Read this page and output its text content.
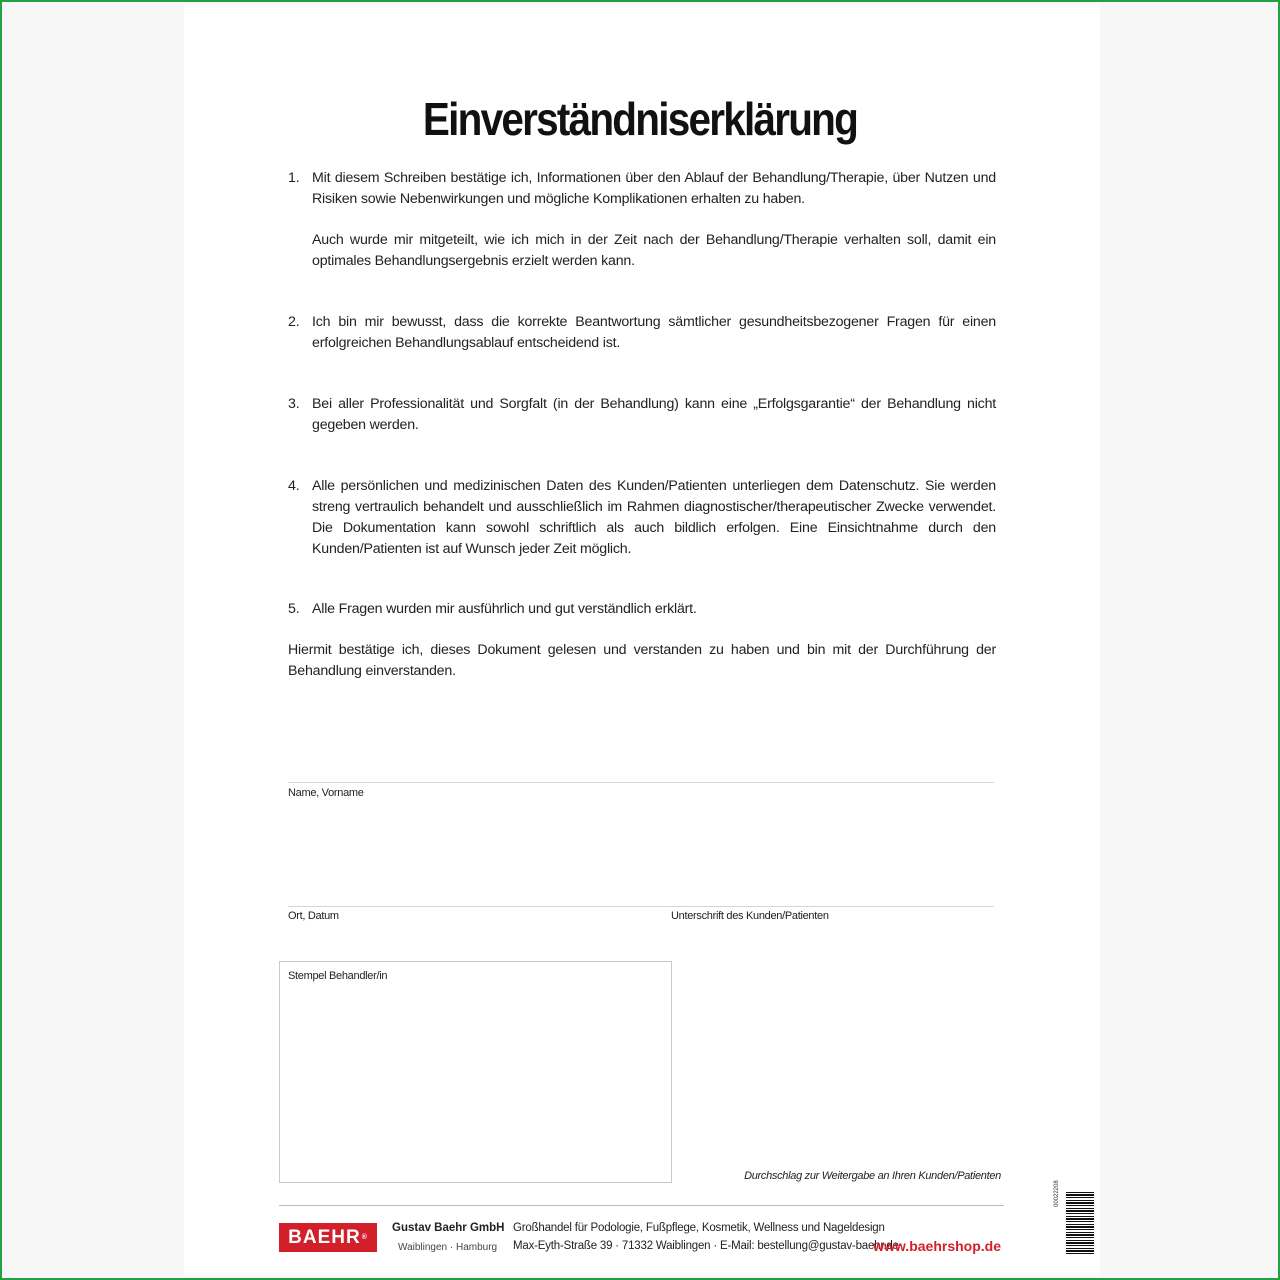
Einverständniserklärung
1. Mit diesem Schreiben bestätige ich, Informationen über den Ablauf der Behandlung/Therapie, über Nutzen und Risiken sowie Nebenwirkungen und mögliche Komplikationen erhalten zu haben.

Auch wurde mir mitgeteilt, wie ich mich in der Zeit nach der Behandlung/Therapie verhalten soll, damit ein optimales Behandlungsergebnis erzielt werden kann.

2. Ich bin mir bewusst, dass die korrekte Beantwortung sämtlicher gesundheitsbezogener Fragen für einen erfolgreichen Behandlungsablauf entscheidend ist.

3. Bei aller Professionalität und Sorgfalt (in der Behandlung) kann eine „Erfolgsgarantie“ der Behandlung nicht gegeben werden.

4. Alle persönlichen und medizinischen Daten des Kunden/Patienten unterliegen dem Datenschutz. Sie werden streng vertraulich behandelt und ausschließlich im Rahmen diagnostischer/therapeutischer Zwecke verwendet. Die Dokumentation kann sowohl schriftlich als auch bildlich erfolgen. Eine Einsichtnahme durch den Kunden/Patienten ist auf Wunsch jeder Zeit möglich.

5. Alle Fragen wurden mir ausführlich und gut verständlich erklärt.

Hiermit bestätige ich, dieses Dokument gelesen und verstanden zu haben und bin mit der Durchführung der Behandlung einverstanden.
Name, Vorname
Ort, Datum	Unterschrift des Kunden/Patienten
Stempel Behandler/in
Durchschlag zur Weitergabe an Ihren Kunden/Patienten
BAEHR ®
Gustav Baehr GmbH
Waiblingen · Hamburg
Großhandel für Podologie, Fußpflege, Kosmetik, Wellness und Nageldesign
Max-Eyth-Straße 39 · 71332 Waiblingen · E-Mail: bestellung@gustav-baehr.de
www.baehrshop.de
00022208
